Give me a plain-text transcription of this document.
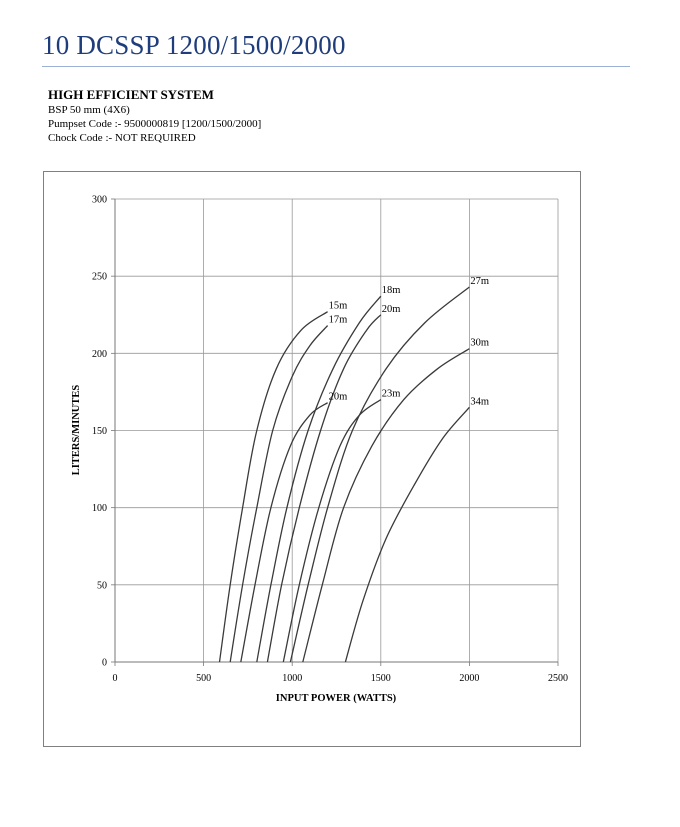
10 DCSSP 1200/1500/2000
HIGH EFFICIENT SYSTEM
BSP 50 mm (4X6)
Pumpset Code :- 9500000819 [1200/1500/2000]
Chock Code :- NOT REQUIRED
0
50
100
150
200
250
300
0	500	1000	1500	2000	2500
15m
17m
20m
18m
20m
23m
27m
30m
34m
INPUT POWER (WATTS)
LITERS/MINUTES
